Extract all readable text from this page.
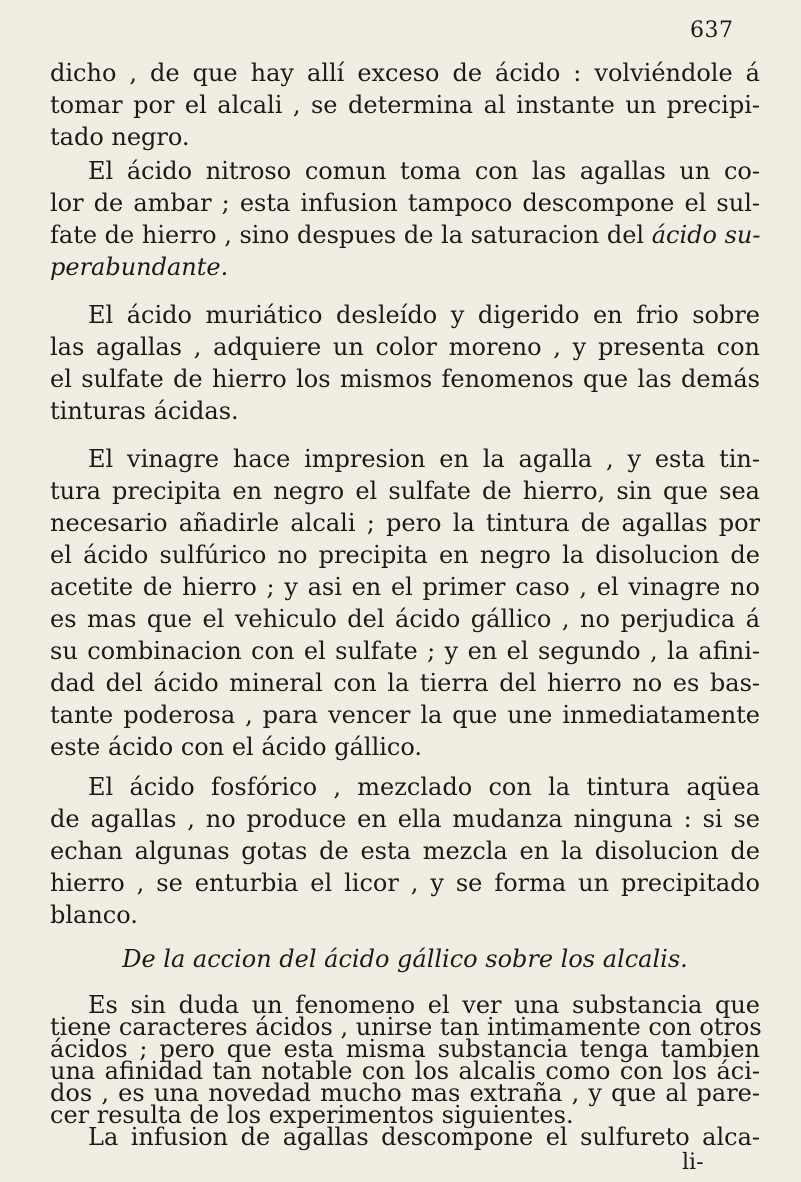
637
dicho , de que hay allí exceso de ácido : volviéndole á
tomar por el alcali , se determina al instante un precipi-
tado negro.
El ácido nitroso comun toma con las agallas un co-
lor de ambar ; esta infusion tampoco descompone el sul-
fate de hierro , sino despues de la saturacion del ácido su-
perabundante.
El ácido muriático desleído y digerido en frio sobre
las agallas , adquiere un color moreno , y presenta con
el sulfate de hierro los mismos fenomenos que las demás
tinturas ácidas.
El vinagre hace impresion en la agalla , y esta tin-
tura precipita en negro el sulfate de hierro, sin que sea
necesario añadirle alcali ; pero la tintura de agallas por
el ácido sulfúrico no precipita en negro la disolucion de
acetite de hierro ; y asi en el primer caso , el vinagre no
es mas que el vehiculo del ácido gállico , no perjudica á
su combinacion con el sulfate ; y en el segundo , la afini-
dad del ácido mineral con la tierra del hierro no es bas-
tante poderosa , para vencer la que une inmediatamente
este ácido con el ácido gállico.
El ácido fosfórico , mezclado con la tintura aqüea
de agallas , no produce en ella mudanza ninguna : si se
echan algunas gotas de esta mezcla en la disolucion de
hierro , se enturbia el licor , y se forma un precipitado
blanco.
De la accion del ácido gállico sobre los alcalis.
Es sin duda un fenomeno el ver una substancia que
tiene caracteres ácidos , unirse tan intimamente con otros
ácidos ; pero que esta misma substancia tenga tambien
una afinidad tan notable con los alcalis como con los áci-
dos , es una novedad mucho mas extraña , y que al pare-
cer resulta de los experimentos siguientes.
La infusion de agallas descompone el sulfureto alca-
li-
